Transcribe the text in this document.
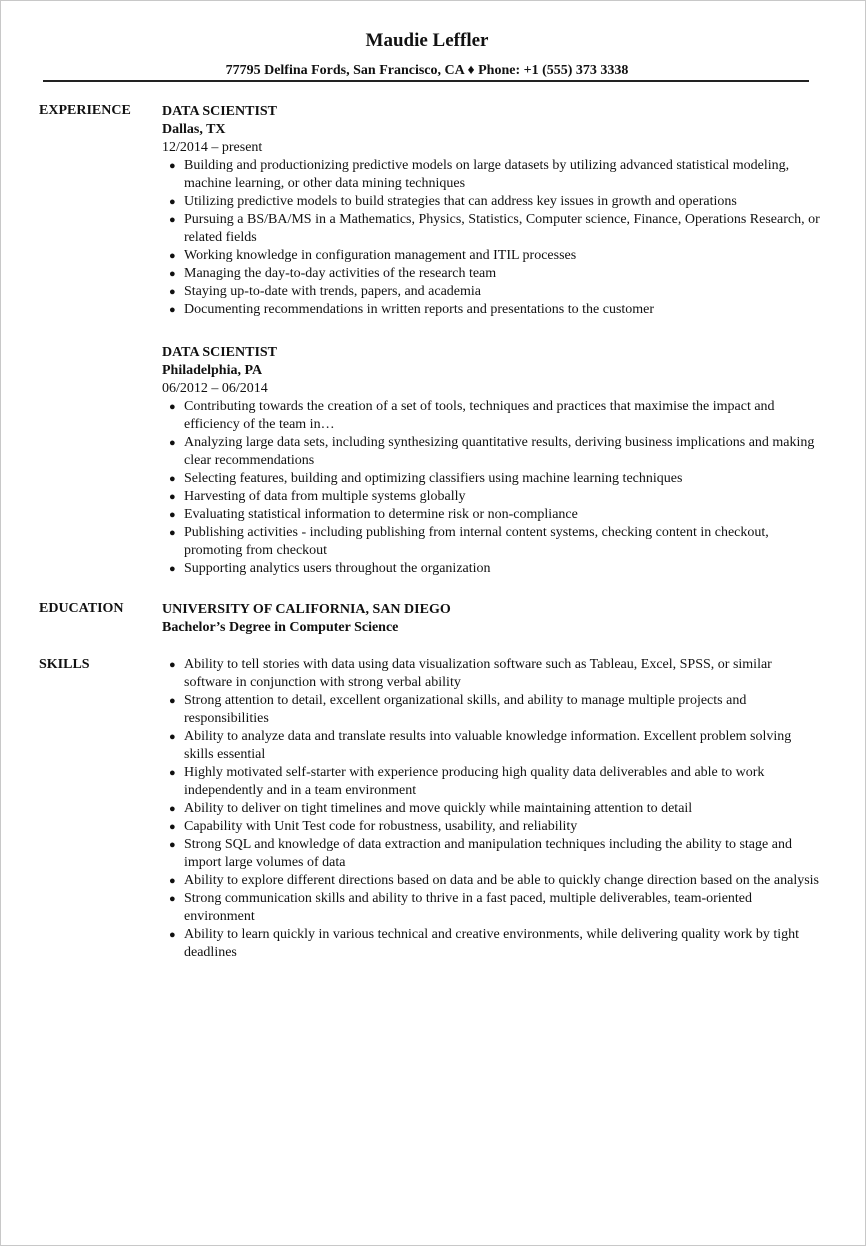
Maudie Leffler
77795 Delfina Fords, San Francisco, CA ♦ Phone: +1 (555) 373 3338
EXPERIENCE DATA SCIENTIST

Dallas, TX

12/2014 – present

● Building and productionizing predictive models on large datasets by utilizing advanced statistical modeling, machine learning, or other data mining techniques
● Utilizing predictive models to build strategies that can address key issues in growth and operations
● Pursuing a BS/BA/MS in a Mathematics, Physics, Statistics, Computer science, Finance, Operations Research, or related fields
● Working knowledge in configuration management and ITIL processes
● Managing the day-to-day activities of the research team
● Staying up-to-date with trends, papers, and academia
● Documenting recommendations in written reports and presentations to the customer

DATA SCIENTIST

Philadelphia, PA

06/2012 – 06/2014

● Contributing towards the creation of a set of tools, techniques and practices that maximise the impact and efficiency of the team in…
● Analyzing large data sets, including synthesizing quantitative results, deriving business implications and making clear recommendations
● Selecting features, building and optimizing classifiers using machine learning techniques
● Harvesting of data from multiple systems globally
● Evaluating statistical information to determine risk or non-compliance
● Publishing activities - including publishing from internal content systems, checking content in checkout, promoting from checkout
● Supporting analytics users throughout the organization
EDUCATION	UNIVERSITY OF CALIFORNIA, SAN DIEGO

Bachelor’s Degree in Computer Science

SKILLS	● Ability to tell stories with data using data visualization software such as Tableau, Excel, SPSS, or similar software in conjunction with strong verbal ability
● Strong attention to detail, excellent organizational skills, and ability to manage multiple projects and responsibilities
● Ability to analyze data and translate results into valuable knowledge information. Excellent problem solving skills essential
● Highly motivated self-starter with experience producing high quality data deliverables and able to work independently and in a team environment
● Ability to deliver on tight timelines and move quickly while maintaining attention to detail
● Capability with Unit Test code for robustness, usability, and reliability
● Strong SQL and knowledge of data extraction and manipulation techniques including the ability to stage and import large volumes of data
● Ability to explore different directions based on data and be able to quickly change direction based on the analysis
● Strong communication skills and ability to thrive in a fast paced, multiple deliverables, team-oriented environment
● Ability to learn quickly in various technical and creative environments, while delivering quality work by tight deadlines
